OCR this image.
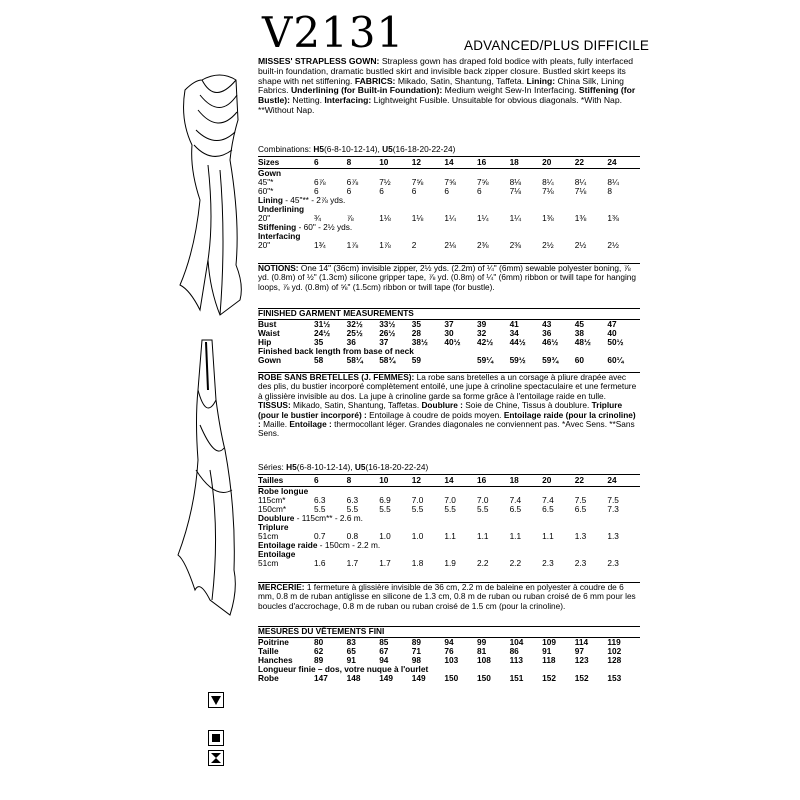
V2131	ADVANCED/PLUS DIFFICILE
MISSES' STRAPLESS GOWN: Strapless gown has draped fold bodice with pleats, fully interfaced built-in foundation, dramatic bustled skirt and invisible back zipper closure. Bustled skirt keeps its shape with net stiffening. FABRICS: Mikado, Satin, Shantung, Taffeta. Lining: China Silk, Lining Fabrics. Underlining (for Built-in Foundation): Medium weight Sew-In Interfacing. Stiffening (for Bustle): Netting. Interfacing: Lightweight Fusible. Unsuitable for obvious diagonals. *With Nap. **Without Nap.
Combinations: H5(6-8-10-12-14), U5(16-18-20-22-24)
Sizes	6	8	10	12	14	16	18	20	22	24
Gown										
45"*	6⅞	6⅞	7½	7⅝	7⅝	7⅝	8⅛	8¼	8¼	8¼
60"*	6	6	6	6	6	6	7⅛	7⅛	7⅛	8
Lining - 45"** - 2⅞ yds.										
Underlining										
20"	¾	⅞	1⅛	1⅛	1¼	1¼	1¼	1⅜	1⅜	1⅜
Stiffening - 60" - 2½ yds.										
Interfacing										
20"	1¾	1⅞	1⅞	2	2⅛	2⅜	2⅜	2½	2½	2½
NOTIONS: One 14" (36cm) invisible zipper, 2½ yds. (2.2m) of ¼" (6mm) sewable polyester boning, ⅞ yd. (0.8m) of ½" (1.3cm) silicone gripper tape, ⅞ yd. (0.8m) of ¼" (6mm) ribbon or twill tape for hanging loops, ⅞ yd. (0.8m) of ⅝" (1.5cm) ribbon or twill tape (for bustle).
FINISHED GARMENT MEASUREMENTS
Bust	31½	32½	33½	35	37	39	41	43	45	47
Waist	24½	25½	26½	28	30	32	34	36	38	40
Hip	35	36	37	38½	40½	42½	44½	46½	48½	50½
Finished back length from base of neck										
Gown	58	58¼	58¾	59		59¼	59½	59¾	60	60¼
ROBE SANS BRETELLES (J. FEMMES): La robe sans bretelles a un corsage à pliure drapée avec des plis, du bustier incorporé complètement entoilé, une jupe à crinoline spectaculaire et une fermeture à glissière invisible au dos. La jupe à crinoline garde sa forme grâce à l'entoilage raide en tulle. TISSUS: Mikado, Satin, Shantung, Taffetas. Doublure : Soie de Chine, Tissus à doublure. Triplure (pour le bustier incorporé) : Entoilage à coudre de poids moyen. Entoilage raide (pour la crinoline) : Maille. Entoilage : thermocollant léger. Grandes diagonales ne conviennent pas. *Avec Sens. **Sans Sens.
Séries: H5(6-8-10-12-14), U5(16-18-20-22-24)
Tailles	6	8	10	12	14	16	18	20	22	24
Robe longue										
115cm*	6.3	6.3	6.9	7.0	7.0	7.0	7.4	7.4	7.5	7.5
150cm*	5.5	5.5	5.5	5.5	5.5	5.5	6.5	6.5	6.5	7.3
Doublure - 115cm** - 2.6 m.										
Triplure										
51cm	0.7	0.8	1.0	1.0	1.1	1.1	1.1	1.1	1.3	1.3
Entoilage raide - 150cm - 2.2 m.										
Entoilage										
51cm	1.6	1.7	1.7	1.8	1.9	2.2	2.2	2.3	2.3	2.3
MERCERIE: 1 fermeture à glissière invisible de 36 cm, 2.2 m de baleine en polyester à coudre de 6 mm, 0.8 m de ruban antiglisse en silicone de 1.3 cm, 0.8 m de ruban ou ruban croisé de 6 mm pour les boucles d'accrochage, 0.8 m de ruban ou ruban croisé de 1.5 cm (pour la crinoline).
MESURES DU VÊTEMENTS FINI
Poitrine	80	83	85	89	94	99	104	109	114	119
Taille	62	65	67	71	76	81	86	91	97	102
Hanches	89	91	94	98	103	108	113	118	123	128
Longueur finie – dos, votre nuque à l'ourlet										
Robe	147	148	149	149	150	150	151	152	152	153
